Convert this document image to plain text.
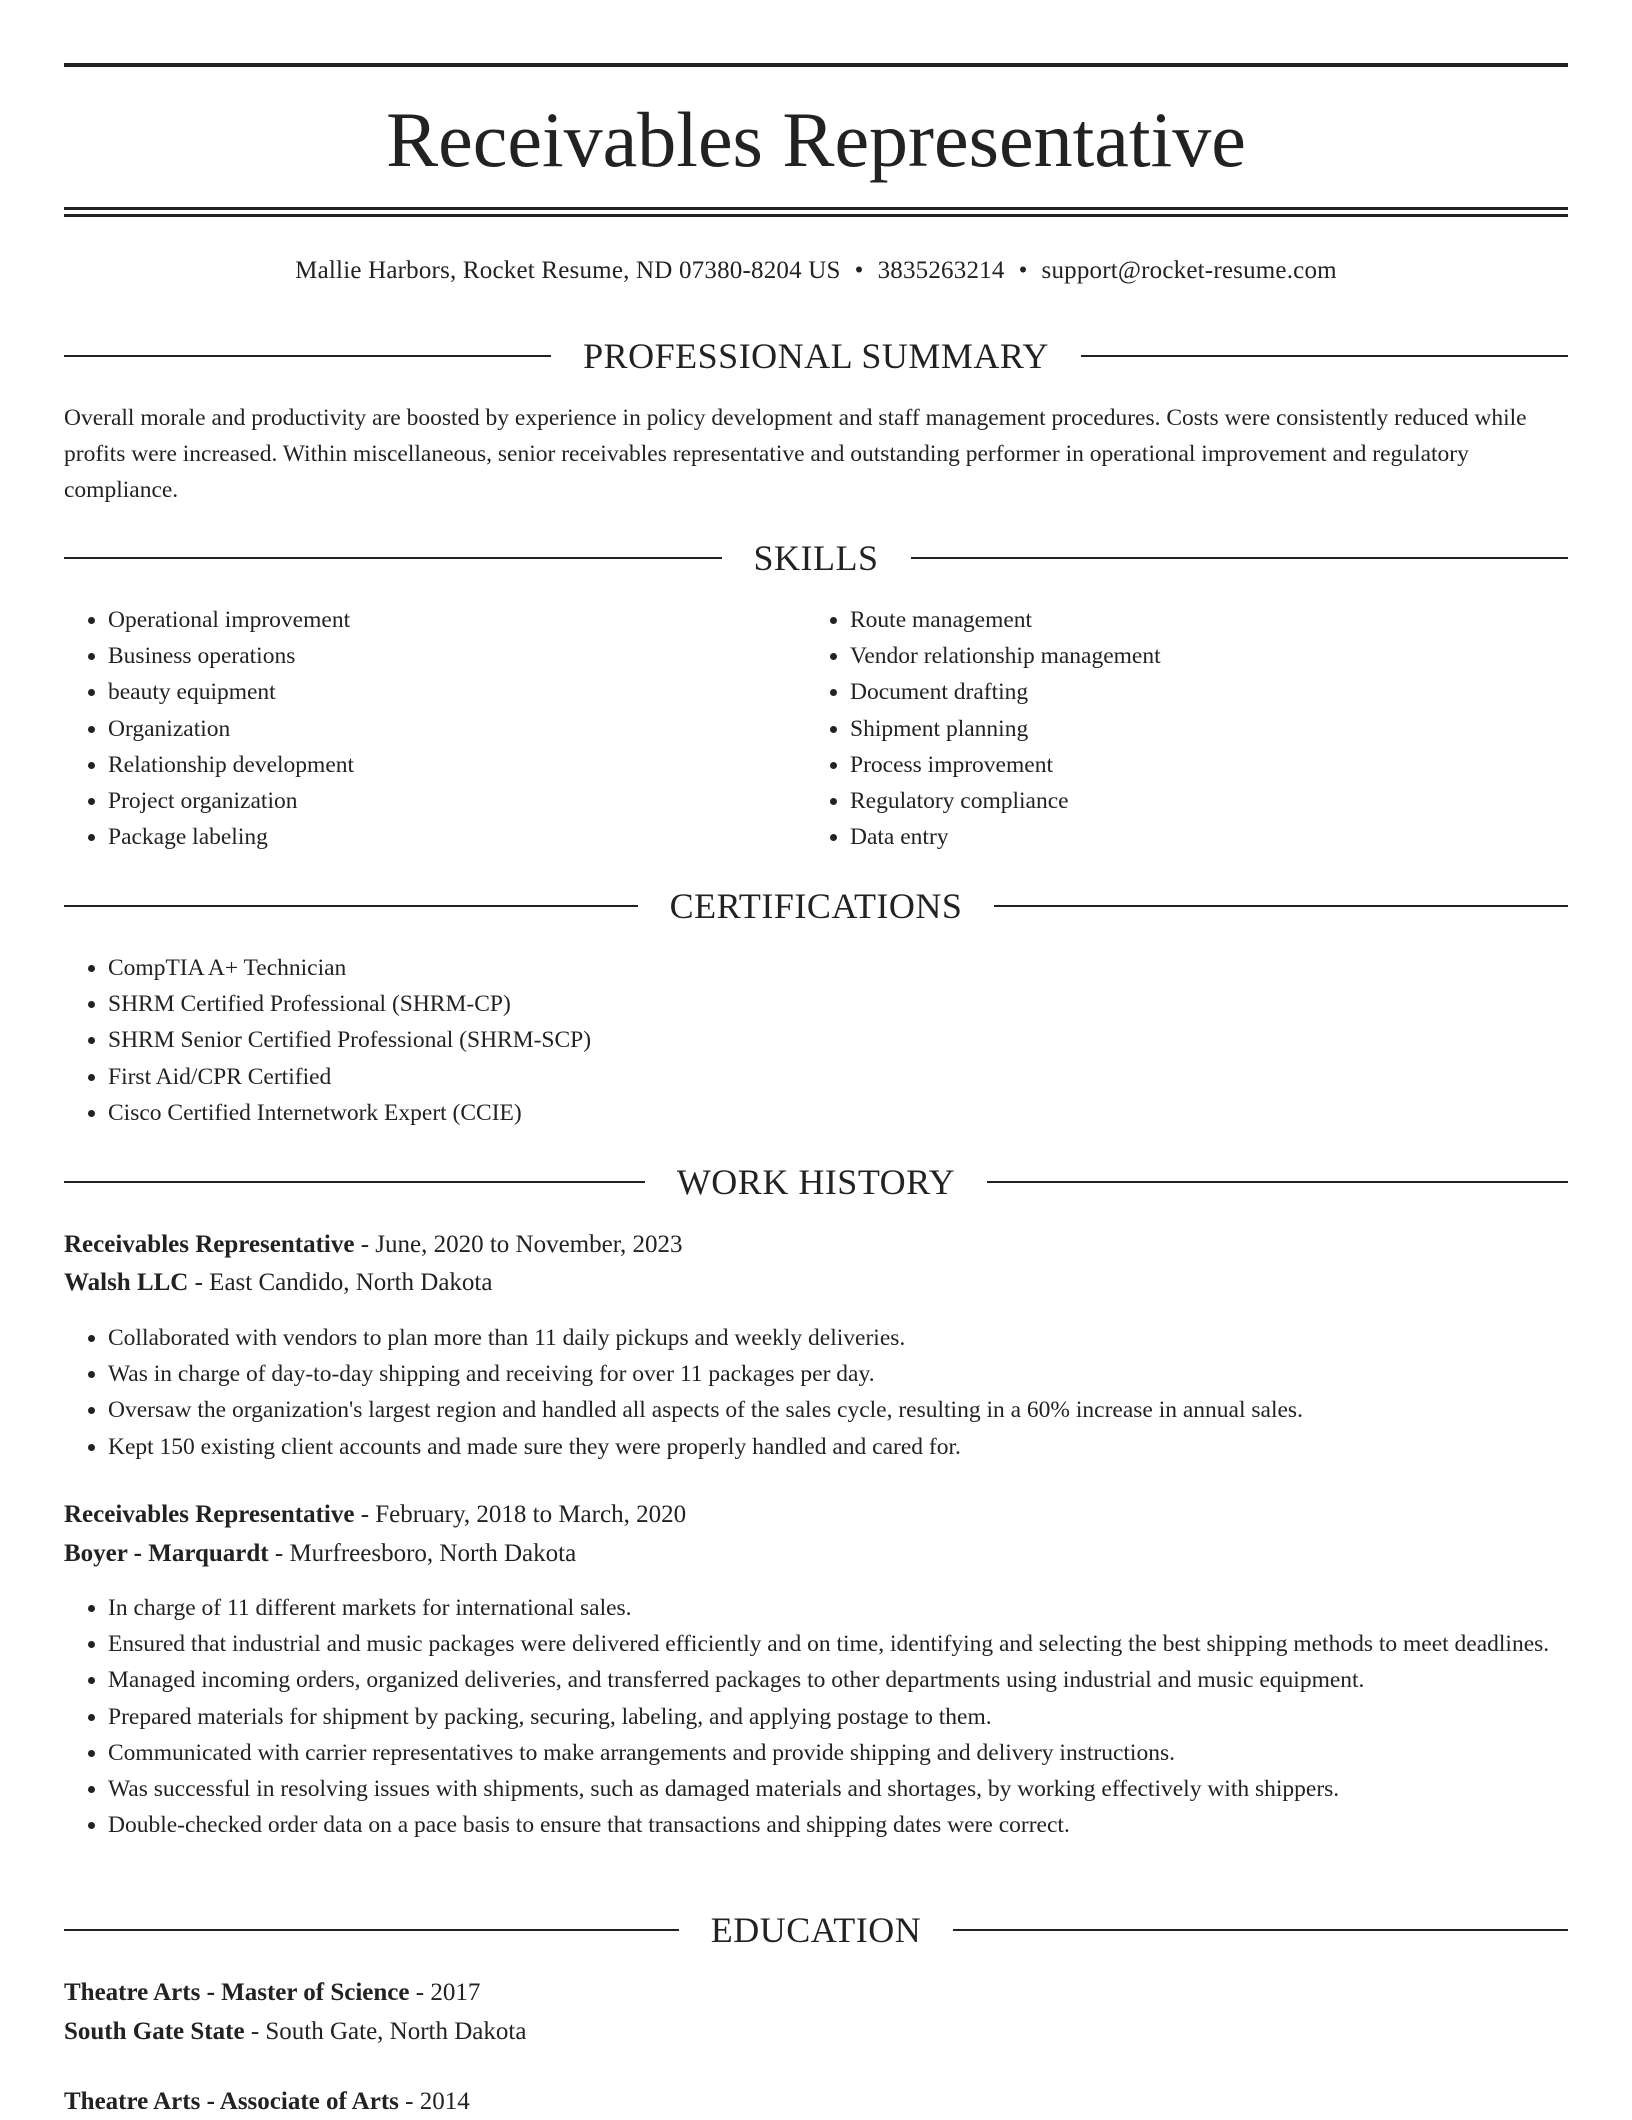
Receivables Representative
Mallie Harbors, Rocket Resume, ND 07380-8204 US • 3835263214 • support@rocket-resume.com
PROFESSIONAL SUMMARY

Overall morale and productivity are boosted by experience in policy development and staff management procedures. Costs were consistently reduced while profits were increased. Within miscellaneous, senior receivables representative and outstanding performer in operational improvement and regulatory compliance.

SKILLS
• Operational improvement
• Business operations
• beauty equipment
• Organization
• Relationship development
• Project organization
• Package labeling
• Route management
• Vendor relationship management
• Document drafting
• Shipment planning
• Process improvement
• Regulatory compliance
• Data entry
CERTIFICATIONS
• CompTIA A+ Technician
• SHRM Certified Professional (SHRM-CP)
• SHRM Senior Certified Professional (SHRM-SCP)
• First Aid/CPR Certified
• Cisco Certified Internetwork Expert (CCIE)
WORK HISTORY
Receivables Representative - June, 2020 to November, 2023
Walsh LLC - East Candido, North Dakota
• Collaborated with vendors to plan more than 11 daily pickups and weekly deliveries.
• Was in charge of day-to-day shipping and receiving for over 11 packages per day.
• Oversaw the organization's largest region and handled all aspects of the sales cycle, resulting in a 60% increase in annual sales.
• Kept 150 existing client accounts and made sure they were properly handled and cared for.
Receivables Representative - February, 2018 to March, 2020
Boyer - Marquardt - Murfreesboro, North Dakota
• In charge of 11 different markets for international sales.
• Ensured that industrial and music packages were delivered efficiently and on time, identifying and selecting the best shipping methods to meet deadlines.
• Managed incoming orders, organized deliveries, and transferred packages to other departments using industrial and music equipment.
• Prepared materials for shipment by packing, securing, labeling, and applying postage to them.
• Communicated with carrier representatives to make arrangements and provide shipping and delivery instructions.
• Was successful in resolving issues with shipments, such as damaged materials and shortages, by working effectively with shippers.
• Double-checked order data on a pace basis to ensure that transactions and shipping dates were correct.
EDUCATION
Theatre Arts - Master of Science - 2017
South Gate State - South Gate, North Dakota
Theatre Arts - Associate of Arts - 2014
